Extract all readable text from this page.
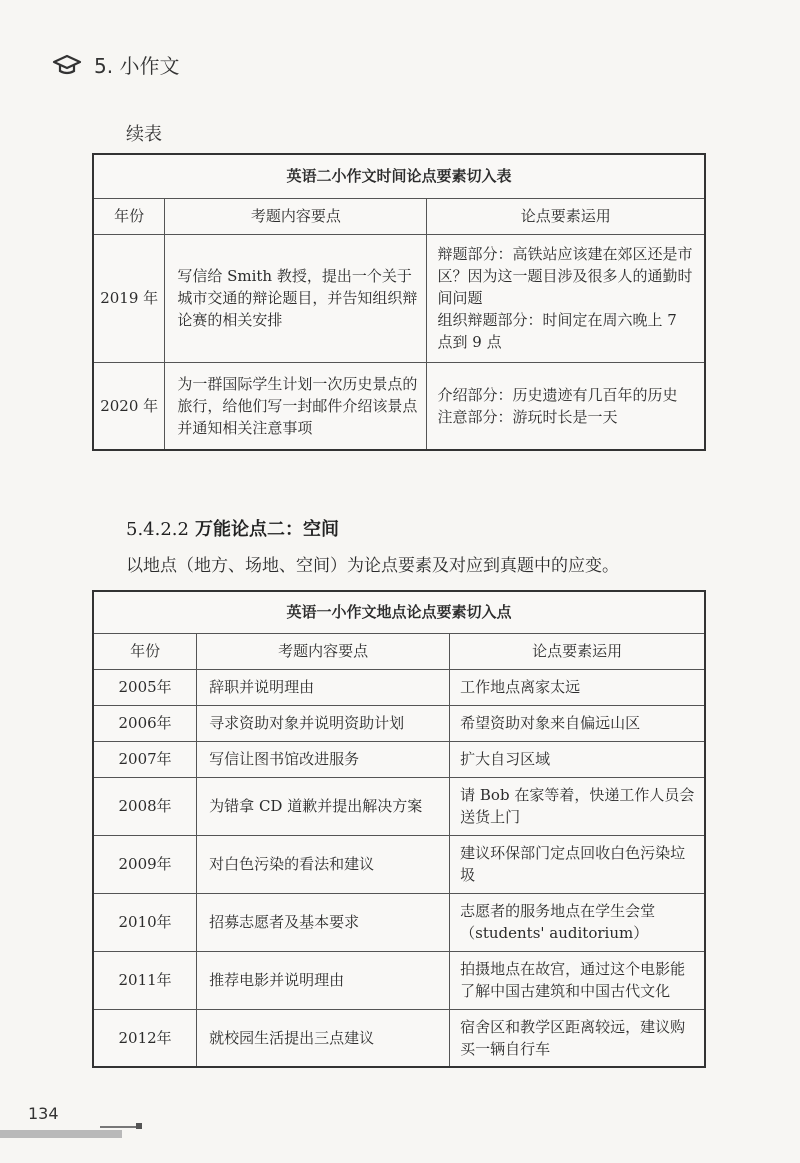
5. 小作文
续表
英语二小作文时间论点要素切入表		
年份	考题内容要点	论点要素运用
2019 年	写信给 Smith 教授，提出一个关于城市交通的辩论题目，并告知组织辩论赛的相关安排	辩题部分：高铁站应该建在郊区还是市区？因为这一题目涉及很多人的通勤时间问题
组织辩题部分：时间定在周六晚上 7 点到 9 点

2020 年	为一群国际学生计划一次历史景点的旅行，给他们写一封邮件介绍该景点并通知相关注意事项	介绍部分：历史遗迹有几百年的历史
注意部分：游玩时长是一天
5.4.2.2 万能论点二：空间
以地点（地方、场地、空间）为论点要素及对应到真题中的应变。
英语一小作文地点论点要素切入点		
年份	考题内容要点	论点要素运用
2005年	辞职并说明理由	工作地点离家太远
2006年	寻求资助对象并说明资助计划	希望资助对象来自偏远山区
2007年	写信让图书馆改进服务	扩大自习区域
2008年	为错拿 CD 道歉并提出解决方案	请 Bob 在家等着，快递工作人员会送货上门
2009年	对白色污染的看法和建议	建议环保部门定点回收白色污染垃圾
2010年	招募志愿者及基本要求	志愿者的服务地点在学生会堂（students' auditorium）
2011年	推荐电影并说明理由	拍摄地点在故宫，通过这个电影能了解中国古建筑和中国古代文化
2012年	就校园生活提出三点建议	宿舍区和教学区距离较远，建议购买一辆自行车
134
